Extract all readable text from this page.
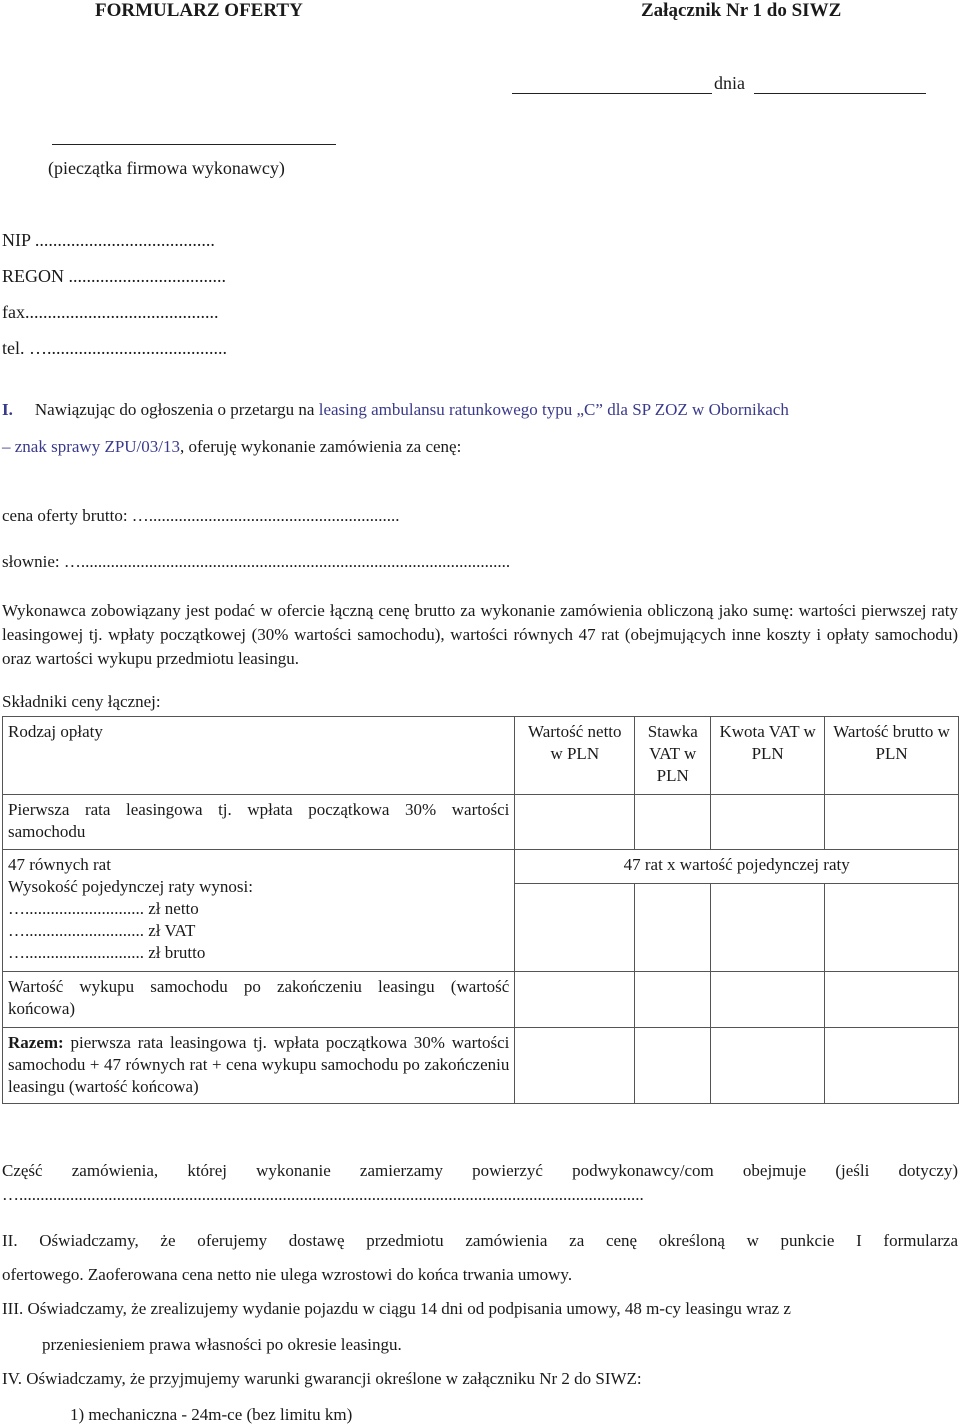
FORMULARZ OFERTY	Załącznik Nr 1 do SIWZ
dnia
(pieczątka firmowa wykonawcy)
NIP ........................................
REGON ...................................
fax...........................................
tel. …........................................
I. Nawiązując do ogłoszenia o przetargu na leasing ambulansu ratunkowego typu „C” dla SP ZOZ w Obornikach
– znak sprawy ZPU/03/13, oferuję wykonanie zamówienia za cenę:
cena oferty brutto: …...........................................................
słownie: ….....................................................................................................
Wykonawca zobowiązany jest podać w ofercie łączną cenę brutto za wykonanie zamówienia obliczoną jako sumę: wartości pierwszej raty leasingowej tj. wpłaty początkowej (30% wartości samochodu), wartości równych 47 rat (obejmujących inne koszty i opłaty samochodu) oraz wartości wykupu przedmiotu leasingu.
Składniki ceny łącznej:
Rodzaj opłaty	Wartość netto w PLN	Stawka VAT w PLN	Kwota VAT w PLN	Wartość brutto w PLN
Pierwsza rata leasingowa tj. wpłata początkowa 30% wartości samochodu				

47 równych rat
Wysokość pojedynczej raty wynosi:
…............................ zł netto
…............................ zł VAT
…............................ zł brutto	47 rat x wartość pojedynczej raty			

Wartość wykupu samochodu po zakończeniu leasingu (wartość końcowa)				
Razem: pierwsza rata leasingowa tj. wpłata początkowa 30% wartości samochodu + 47 równych rat + cena wykupu samochodu po zakończeniu leasingu (wartość końcowa)				
Część zamówienia, której wykonanie zamierzamy powierzyć podwykonawcy/com obejmuje (jeśli dotyczy)
…...................................................................................................................................................
II. Oświadczamy, że oferujemy dostawę przedmiotu zamówienia za cenę określoną w punkcie I formularza
ofertowego. Zaoferowana cena netto nie ulega wzrostowi do końca trwania umowy.
III. Oświadczamy, że zrealizujemy wydanie pojazdu w ciągu 14 dni od podpisania umowy, 48 m-cy leasingu wraz z
przeniesieniem prawa własności po okresie leasingu.
IV. Oświadczamy, że przyjmujemy warunki gwarancji określone w załączniku Nr 2 do SIWZ:
1) mechaniczna - 24m-ce (bez limitu km)
